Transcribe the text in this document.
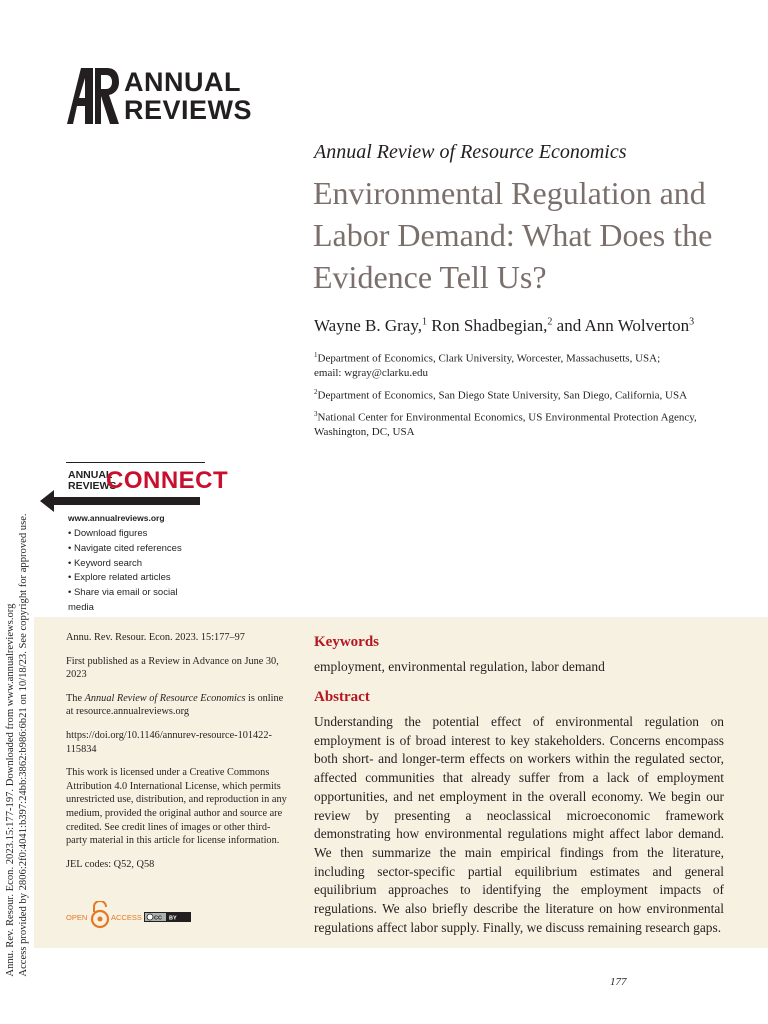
Annu. Rev. Resour. Econ. 2023.15:177-197. Downloaded from www.annualreviews.org Access provided by 2806:2f0:4041:b397:24bb:3862:b986:6b21 on 10/18/23. See copyright for approved use.
ANNUAL
REVIEWS
Annual Review of Resource Economics
Environmental Regulation and Labor Demand: What Does the Evidence Tell Us?
Wayne B. Gray,$^1$ Ron Shadbegian,$^2$ and Ann Wolverton$^3$

$^1$Department of Economics, Clark University, Worcester, Massachusetts, USA;
email: wgray@clarku.edu

$^2$Department of Economics, San Diego State University, San Diego, California, USA

$^3$National Center for Environmental Economics, US Environmental Protection Agency,
Washington, DC, USA

ANNUAL
REVIEWS
CONNECT
www.annualreviews.org
• Download figures
• Navigate cited references
• Keyword search
• Explore related articles
• Share via email or social media

Annu. Rev. Resour. Econ. 2023. 15:177–97

First published as a Review in Advance on June 30, 2023

The Annual Review of Resource Economics is online at resource.annualreviews.org

https://doi.org/10.1146/annurev-resource-101422-115834

This work is licensed under a Creative Commons Attribution 4.0 International License, which permits unrestricted use, distribution, and reproduction in any medium, provided the original author and source are credited. See credit lines of images or other third-party material in this article for license information.

JEL codes: Q52, Q58

OPEN	ACCESS CC BY
Keywords
employment, environmental regulation, labor demand
Abstract
Understanding the potential effect of environmental regulation on employment is of broad interest to key stakeholders. Concerns encompass both short- and longer-term effects on workers within the regulated sector, affected communities that already suffer from a lack of employment opportunities, and net employment in the overall economy. We begin our review by presenting a neoclassical microeconomic framework demonstrating how environmental regulations might affect labor demand. We then summarize the main empirical findings from the literature, including sector-specific partial equilibrium estimates and general equilibrium approaches to identifying the employment impacts of regulations. We also briefly describe the literature on how environmental regulations affect labor supply. Finally, we discuss remaining research gaps.
177
